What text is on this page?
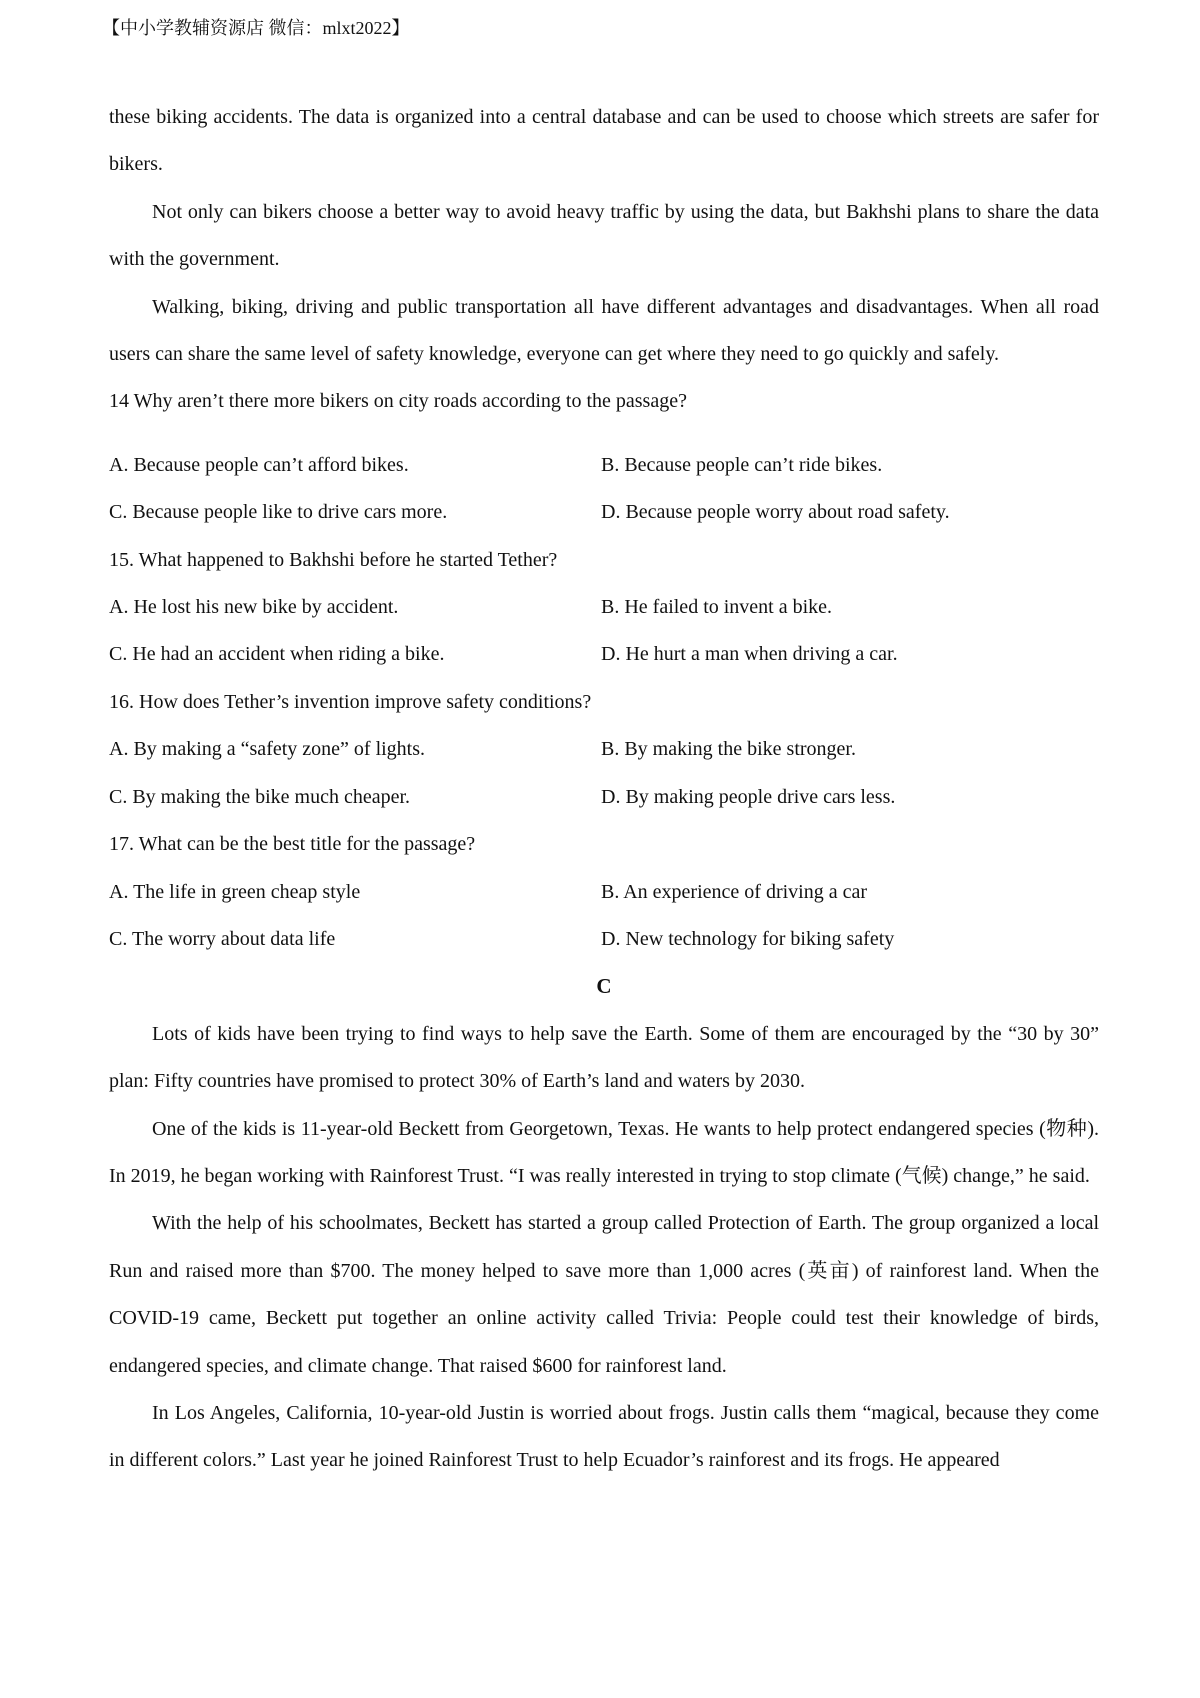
【中小学教辅资源店 微信：mlxt2022】

these biking accidents. The data is organized into a central database and can be used to choose which streets are safer for bikers.

Not only can bikers choose a better way to avoid heavy traffic by using the data, but Bakhshi plans to share the data with the government.

Walking, biking, driving and public transportation all have different advantages and disadvantages. When all road users can share the same level of safety knowledge, everyone can get where they need to go quickly and safely.

14 Why aren’t there more bikers on city roads according to the passage?

A. Because people can’t afford bikes.	B. Because people can’t ride bikes.
C. Because people like to drive cars more.	D. Because people worry about road safety.

15. What happened to Bakhshi before he started Tether?

A. He lost his new bike by accident.	B. He failed to invent a bike.
C. He had an accident when riding a bike.	D. He hurt a man when driving a car.

16. How does Tether’s invention improve safety conditions?

A. By making a “safety zone” of lights.	B. By making the bike stronger.
C. By making the bike much cheaper.	D. By making people drive cars less.

17. What can be the best title for the passage?

A. The life in green cheap style	B. An experience of driving a car
C. The worry about data life	D. New technology for biking safety

C

Lots of kids have been trying to find ways to help save the Earth. Some of them are encouraged by the “30 by 30” plan: Fifty countries have promised to protect 30% of Earth’s land and waters by 2030.

One of the kids is 11-year-old Beckett from Georgetown, Texas. He wants to help protect endangered species (物种). In 2019, he began working with Rainforest Trust. “I was really interested in trying to stop climate (气候) change,” he said.

With the help of his schoolmates, Beckett has started a group called Protection of Earth. The group organized a local Run and raised more than $700. The money helped to save more than 1,000 acres (英亩) of rainforest land. When the COVID-19 came, Beckett put together an online activity called Trivia: People could test their knowledge of birds, endangered species, and climate change. That raised $600 for rainforest land.

In Los Angeles, California, 10-year-old Justin is worried about frogs. Justin calls them “magical, because they come in different colors.” Last year he joined Rainforest Trust to help Ecuador’s rainforest and its frogs. He appeared
